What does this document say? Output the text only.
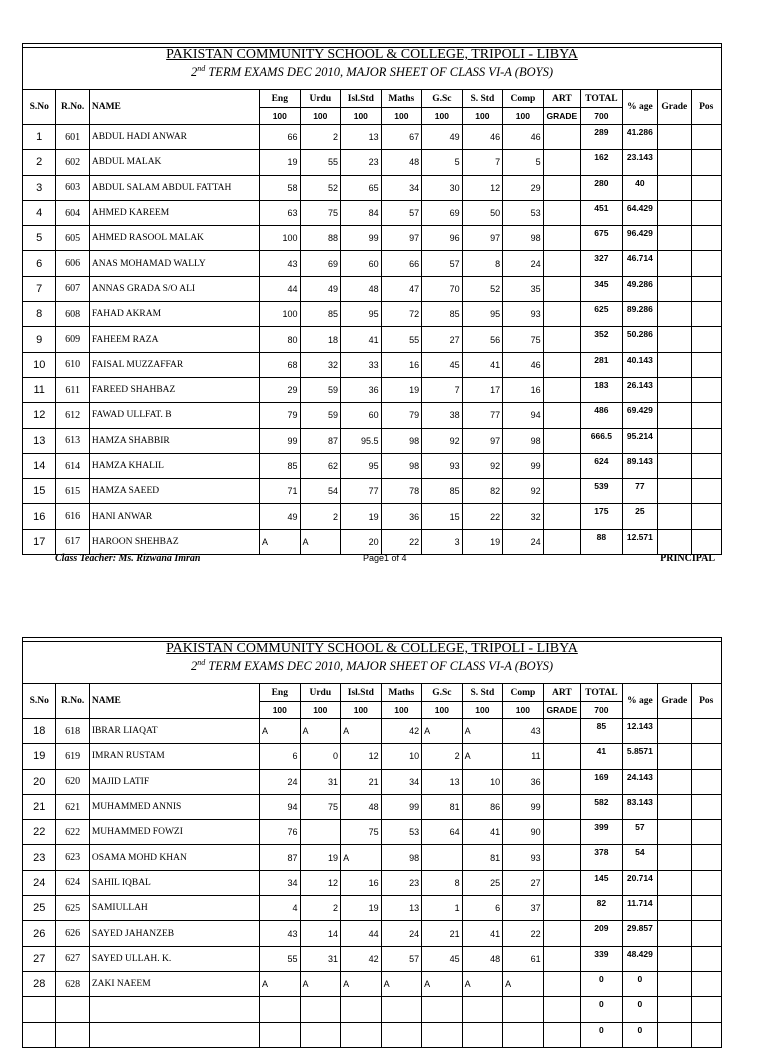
PAKISTAN COMMUNITY SCHOOL & COLLEGE, TRIPOLI - LIBYA
2nd TERM EXAMS DEC 2010, MAJOR SHEET OF CLASS VI-A (BOYS)
S.No	R.No.	NAME	Eng	Urdu	Isl.Std	Maths	G.Sc	S. Std	Comp	ART	TOTAL	% age	Grade	Pos
			100	100	100	100	100	100	100	GRADE	700			
1	601	ABDUL HADI ANWAR	66	2	13	67	49	46	46		289	41.286		
2	602	ABDUL MALAK	19	55	23	48	5	7	5		162	23.143		
3	603	ABDUL SALAM ABDUL FATTAH	58	52	65	34	30	12	29		280	40		
4	604	AHMED KAREEM	63	75	84	57	69	50	53		451	64.429		
5	605	AHMED RASOOL MALAK	100	88	99	97	96	97	98		675	96.429		
6	606	ANAS MOHAMAD WALLY	43	69	60	66	57	8	24		327	46.714		
7	607	ANNAS GRADA S/O ALI	44	49	48	47	70	52	35		345	49.286		
8	608	FAHAD AKRAM	100	85	95	72	85	95	93		625	89.286		
9	609	FAHEEM RAZA	80	18	41	55	27	56	75		352	50.286		
10	610	FAISAL MUZZAFFAR	68	32	33	16	45	41	46		281	40.143		
11	611	FAREED SHAHBAZ	29	59	36	19	7	17	16		183	26.143		
12	612	FAWAD ULLFAT. B	79	59	60	79	38	77	94		486	69.429		
13	613	HAMZA SHABBIR	99	87	95.5	98	92	97	98		666.5	95.214		
14	614	HAMZA KHALIL	85	62	95	98	93	92	99		624	89.143		
15	615	HAMZA SAEED	71	54	77	78	85	82	92		539	77		
16	616	HANI ANWAR	49	2	19	36	15	22	32		175	25		
17	617	HAROON SHEHBAZ	A	A	20	22	3	19	24		88	12.571		
Class Teacher: Ms. Rizwana Imran	Page1 of 4	PRINCIPAL
PAKISTAN COMMUNITY SCHOOL & COLLEGE, TRIPOLI - LIBYA
2nd TERM EXAMS DEC 2010, MAJOR SHEET OF CLASS VI-A (BOYS)
S.No	R.No.	NAME	Eng	Urdu	Isl.Std	Maths	G.Sc	S. Std	Comp	ART	TOTAL	% age	Grade	Pos
			100	100	100	100	100	100	100	GRADE	700			
18	618	IBRAR LIAQAT	A	A	A	42	A	A	43		85	12.143		
19	619	IMRAN RUSTAM	6	0	12	10	2	A	11		41	5.8571		
20	620	MAJID LATIF	24	31	21	34	13	10	36		169	24.143		
21	621	MUHAMMED ANNIS	94	75	48	99	81	86	99		582	83.143		
22	622	MUHAMMED FOWZI	76		75	53	64	41	90		399	57		
23	623	OSAMA MOHD KHAN	87	19	A	98		81	93		378	54		
24	624	SAHIL IQBAL	34	12	16	23	8	25	27		145	20.714		
25	625	SAMIULLAH	4	2	19	13	1	6	37		82	11.714		
26	626	SAYED JAHANZEB	43	14	44	24	21	41	22		209	29.857		
27	627	SAYED ULLAH. K.	55	31	42	57	45	48	61		339	48.429		
28	628	ZAKI NAEEM	A	A	A	A	A	A	A		0	0		
											0	0		
											0	0		
